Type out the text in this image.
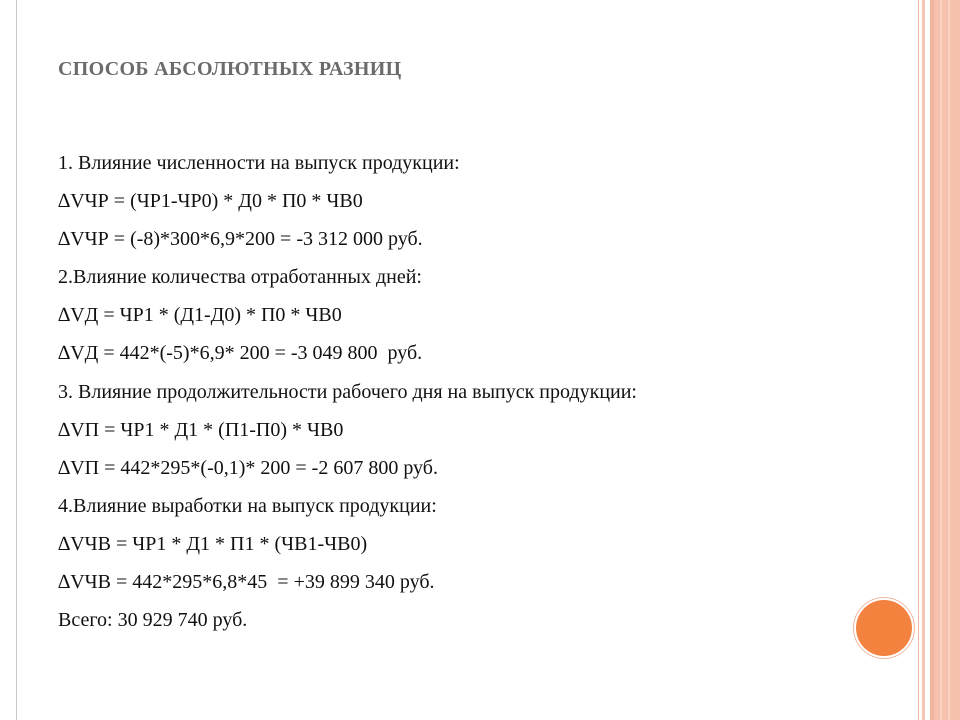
СПОСОБ АБСОЛЮТНЫХ РАЗНИЦ
1. Влияние численности на выпуск продукции:
∆VЧР = (ЧР1-ЧР0) * Д0 * П0 * ЧВ0
∆VЧР = (-8)*300*6,9*200 = -3 312 000 руб.
2.Влияние количества отработанных дней:
∆VД = ЧР1 * (Д1-Д0) * П0 * ЧВ0
∆VД = 442*(-5)*6,9* 200 = -3 049 800  руб.
3. Влияние продолжительности рабочего дня на выпуск продукции:
∆VП = ЧР1 * Д1 * (П1-П0) * ЧВ0
∆VП = 442*295*(-0,1)* 200 = -2 607 800 руб.
4.Влияние выработки на выпуск продукции:
∆VЧВ = ЧР1 * Д1 * П1 * (ЧВ1-ЧВ0)
∆VЧВ = 442*295*6,8*45  = +39 899 340 руб.
Всего: 30 929 740 руб.
